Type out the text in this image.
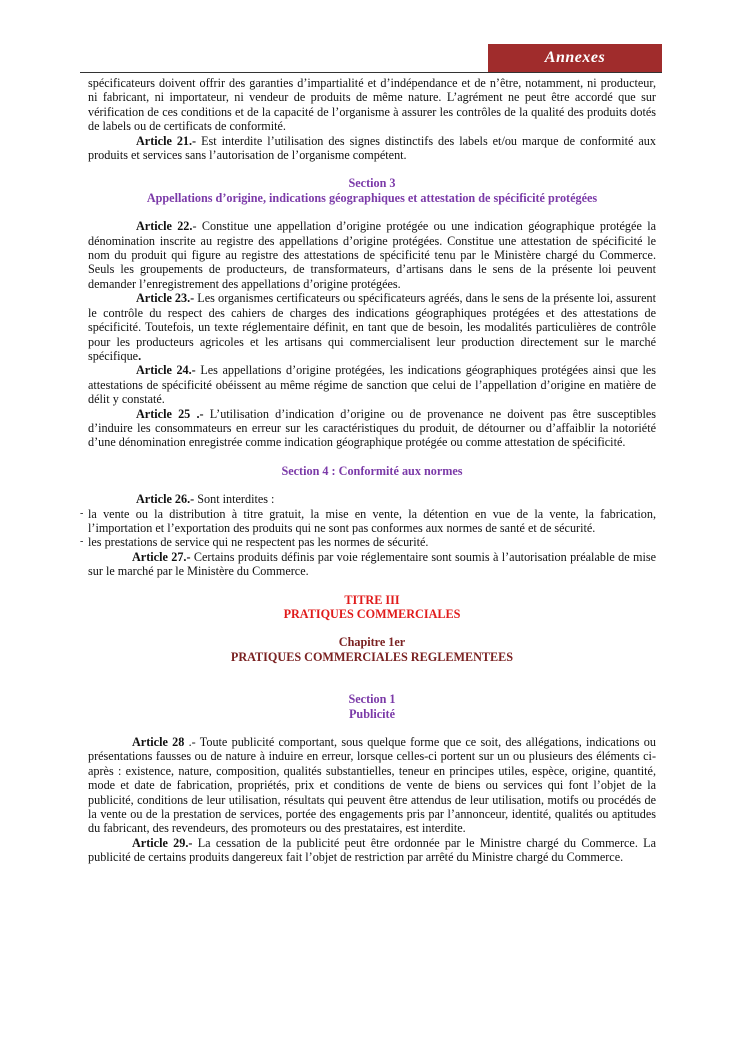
Annexes

spécificateurs doivent offrir des garanties d’impartialité et d’indépendance et de n’être, notamment, ni producteur, ni fabricant, ni importateur, ni vendeur de produits de même nature. L’agrément ne peut être accordé que sur vérification de ces conditions et de la capacité de l’organisme à assurer les contrôles de la qualité des produits dotés de labels ou de certificats de conformité.

Article 21.- Est interdite l’utilisation des signes distinctifs des labels et/ou marque de conformité aux produits et services sans l’autorisation de l’organisme compétent.

Section 3
Appellations d’origine, indications géographiques et attestation de spécificité protégées

Article 22.- Constitue une appellation d’origine protégée ou une indication géographique protégée la dénomination inscrite au registre des appellations d’origine protégées. Constitue une attestation de spécificité le nom du produit qui figure au registre des attestations de spécificité tenu par le Ministère chargé du Commerce. Seuls les groupements de producteurs, de transformateurs, d’artisans dans le sens de la présente loi peuvent demander l’enregistrement des appellations d’origine protégées.

Article 23.- Les organismes certificateurs ou spécificateurs agréés, dans le sens de la présente loi, assurent le contrôle du respect des cahiers de charges des indications géographiques protégées et des attestations de spécificité. Toutefois, un texte réglementaire définit, en tant que de besoin, les modalités particulières de contrôle pour les producteurs agricoles et les artisans qui commercialisent leur production directement sur le marché spécifique.

Article 24.- Les appellations d’origine protégées, les indications géographiques protégées ainsi que les attestations de spécificité obéissent au même régime de sanction que celui de l’appellation d’origine en matière de délit y constaté.

Article 25 .- L’utilisation d’indication d’origine ou de provenance ne doivent pas être susceptibles d’induire les consommateurs en erreur sur les caractéristiques du produit, de détourner ou d’affaiblir la notoriété d’une dénomination enregistrée comme indication géographique protégée ou comme attestation de spécificité.

Section 4 : Conformité aux normes

Article 26.- Sont interdites :

- la vente ou la distribution à titre gratuit, la mise en vente, la détention en vue de la vente, la fabrication, l’importation et l’exportation des produits qui ne sont pas conformes aux normes de santé et de sécurité.
- les prestations de service qui ne respectent pas les normes de sécurité.

Article 27.- Certains produits définis par voie réglementaire sont soumis à l’autorisation préalable de mise sur le marché par le Ministère du Commerce.

TITRE III
PRATIQUES COMMERCIALES
Chapitre 1er
PRATIQUES COMMERCIALES REGLEMENTEES
Section 1
Publicité

Article 28 .- Toute publicité comportant, sous quelque forme que ce soit, des allégations, indications ou présentations fausses ou de nature à induire en erreur, lorsque celles-ci portent sur un ou plusieurs des éléments ci-après : existence, nature, composition, qualités substantielles, teneur en principes utiles, espèce, origine, quantité, mode et date de fabrication, propriétés, prix et conditions de vente de biens ou services qui font l’objet de la publicité, conditions de leur utilisation, résultats qui peuvent être attendus de leur utilisation, motifs ou procédés de la vente ou de la prestation de services, portée des engagements pris par l’annonceur, identité, qualités ou aptitudes du fabricant, des revendeurs, des promoteurs ou des prestataires, est interdite.

Article 29.- La cessation de la publicité peut être ordonnée par le Ministre chargé du Commerce. La publicité de certains produits dangereux fait l’objet de restriction par arrêté du Ministre chargé du Commerce.
